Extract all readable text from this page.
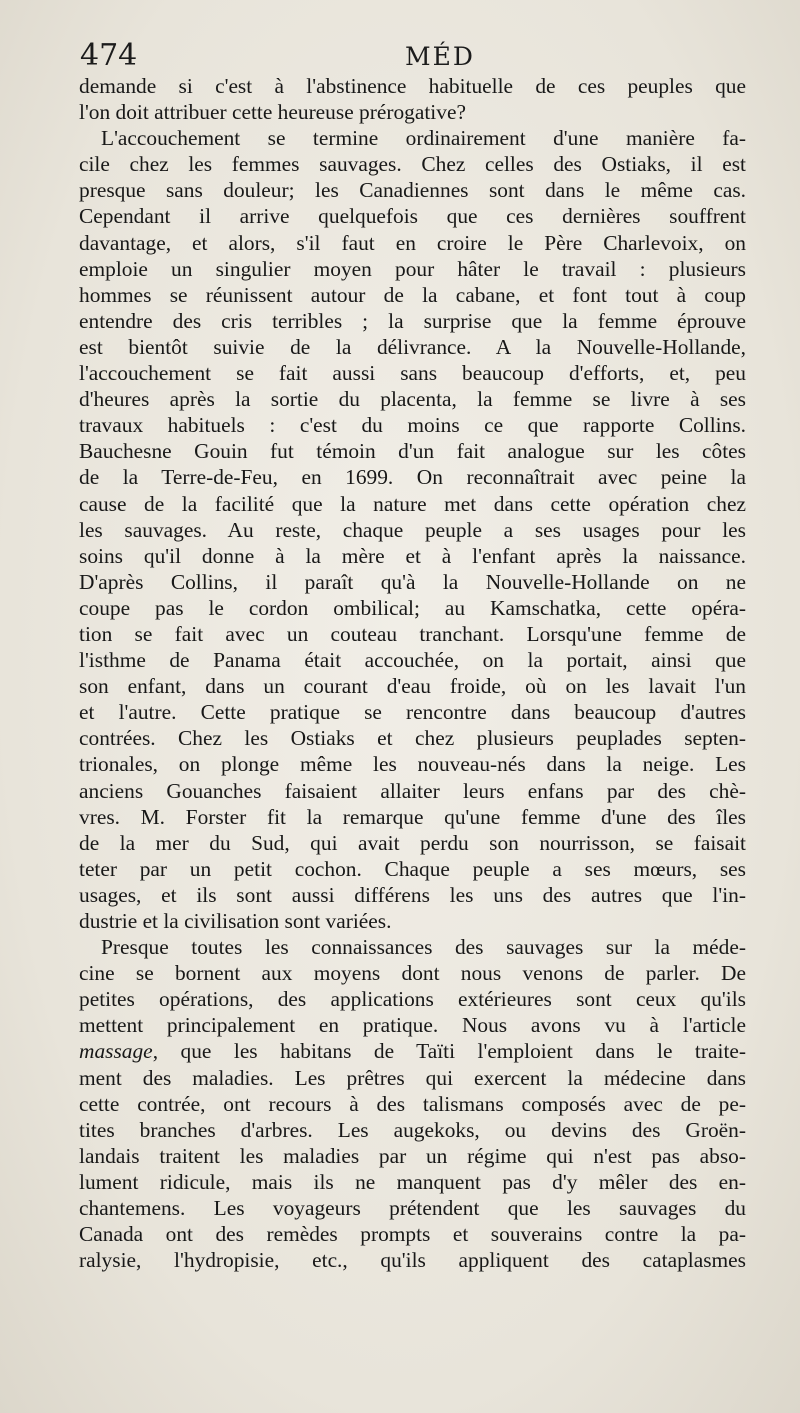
474	MÉD
demande si c'est à l'abstinence habituelle de ces peuples que
l'on doit attribuer cette heureuse prérogative?
L'accouchement se termine ordinairement d'une manière fa-
cile chez les femmes sauvages. Chez celles des Ostiaks, il est
presque sans douleur; les Canadiennes sont dans le même cas.
Cependant il arrive quelquefois que ces dernières souffrent
davantage, et alors, s'il faut en croire le Père Charlevoix, on
emploie un singulier moyen pour hâter le travail : plusieurs
hommes se réunissent autour de la cabane, et font tout à coup
entendre des cris terribles ; la surprise que la femme éprouve
est bientôt suivie de la délivrance. A la Nouvelle-Hollande,
l'accouchement se fait aussi sans beaucoup d'efforts, et, peu
d'heures après la sortie du placenta, la femme se livre à ses
travaux habituels : c'est du moins ce que rapporte Collins.
Bauchesne Gouin fut témoin d'un fait analogue sur les côtes
de la Terre-de-Feu, en 1699. On reconnaîtrait avec peine la
cause de la facilité que la nature met dans cette opération chez
les sauvages. Au reste, chaque peuple a ses usages pour les
soins qu'il donne à la mère et à l'enfant après la naissance.
D'après Collins, il paraît qu'à la Nouvelle-Hollande on ne
coupe pas le cordon ombilical; au Kamschatka, cette opéra-
tion se fait avec un couteau tranchant. Lorsqu'une femme de
l'isthme de Panama était accouchée, on la portait, ainsi que
son enfant, dans un courant d'eau froide, où on les lavait l'un
et l'autre. Cette pratique se rencontre dans beaucoup d'autres
contrées. Chez les Ostiaks et chez plusieurs peuplades septen-
trionales, on plonge même les nouveau-nés dans la neige. Les
anciens Gouanches faisaient allaiter leurs enfans par des chè-
vres. M. Forster fit la remarque qu'une femme d'une des îles
de la mer du Sud, qui avait perdu son nourrisson, se faisait
teter par un petit cochon. Chaque peuple a ses mœurs, ses
usages, et ils sont aussi différens les uns des autres que l'in-
dustrie et la civilisation sont variées.
Presque toutes les connaissances des sauvages sur la méde-
cine se bornent aux moyens dont nous venons de parler. De
petites opérations, des applications extérieures sont ceux qu'ils
mettent principalement en pratique. Nous avons vu à l'article
massage, que les habitans de Taïti l'emploient dans le traite-
ment des maladies. Les prêtres qui exercent la médecine dans
cette contrée, ont recours à des talismans composés avec de pe-
tites branches d'arbres. Les augekoks, ou devins des Groën-
landais traitent les maladies par un régime qui n'est pas abso-
lument ridicule, mais ils ne manquent pas d'y mêler des en-
chantemens. Les voyageurs prétendent que les sauvages du
Canada ont des remèdes prompts et souverains contre la pa-
ralysie, l'hydropisie, etc., qu'ils appliquent des cataplasmes
